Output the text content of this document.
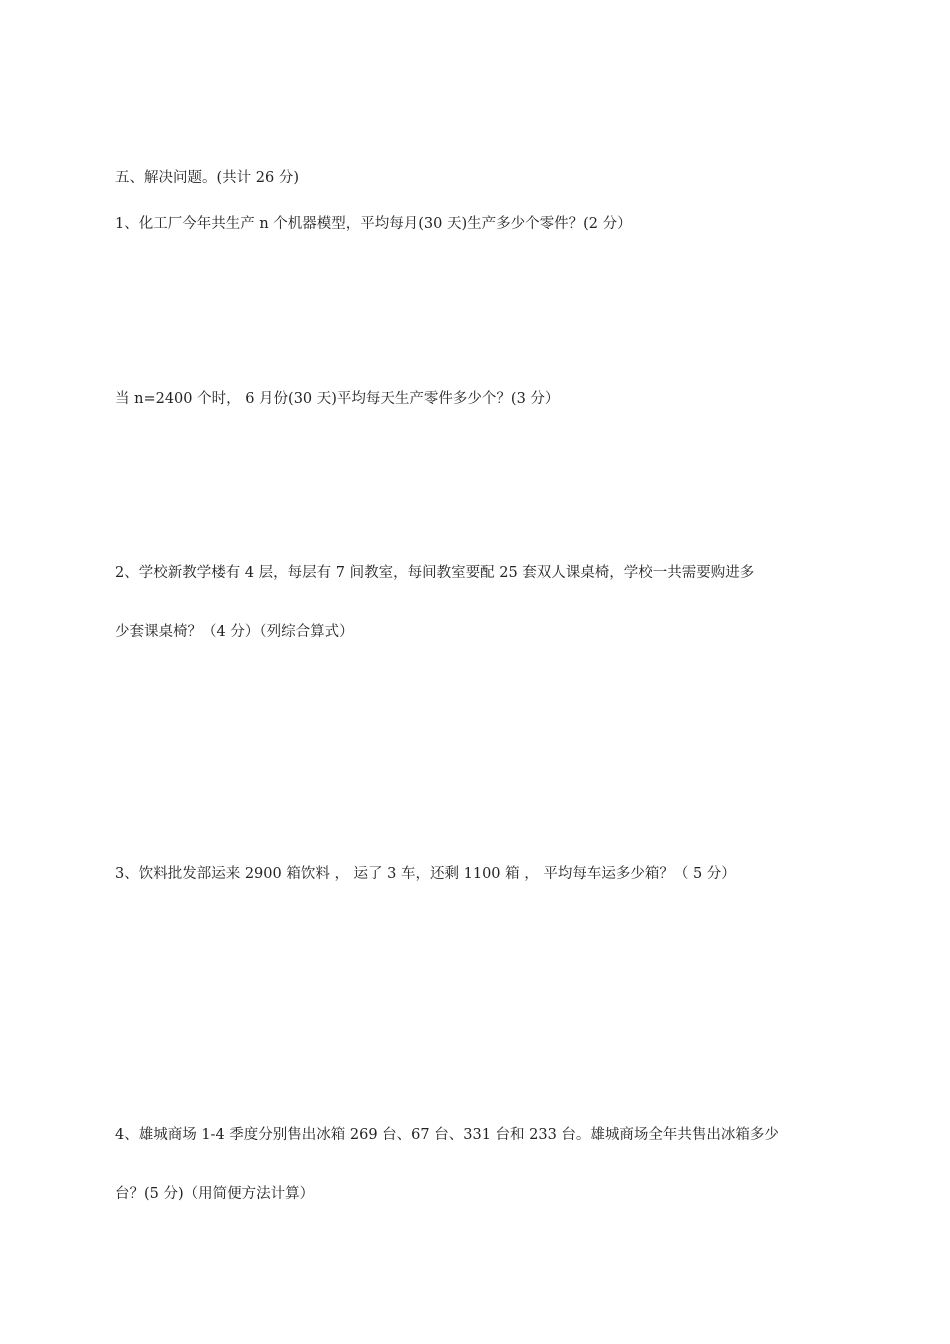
五、解决问题。(共计 26 分)
1、化工厂今年共生产 n 个机器模型，平均每月(30 天)生产多少个零件？(2 分）
当 n=2400 个时， 6 月份(30 天)平均每天生产零件多少个？(3 分）
2、学校新教学楼有 4 层，每层有 7 间教室，每间教室要配 25 套双人课桌椅，学校一共需要购进多
少套课桌椅？（4 分）（列综合算式）
3、饮料批发部运来 2900 箱饮料 ， 运了 3 车，还剩 1100 箱 ， 平均每车运多少箱？（ 5 分）
4、雄城商场 1-4 季度分别售出冰箱 269 台、67 台、331 台和 233 台。雄城商场全年共售出冰箱多少
台？(5 分)（用简便方法计算）
